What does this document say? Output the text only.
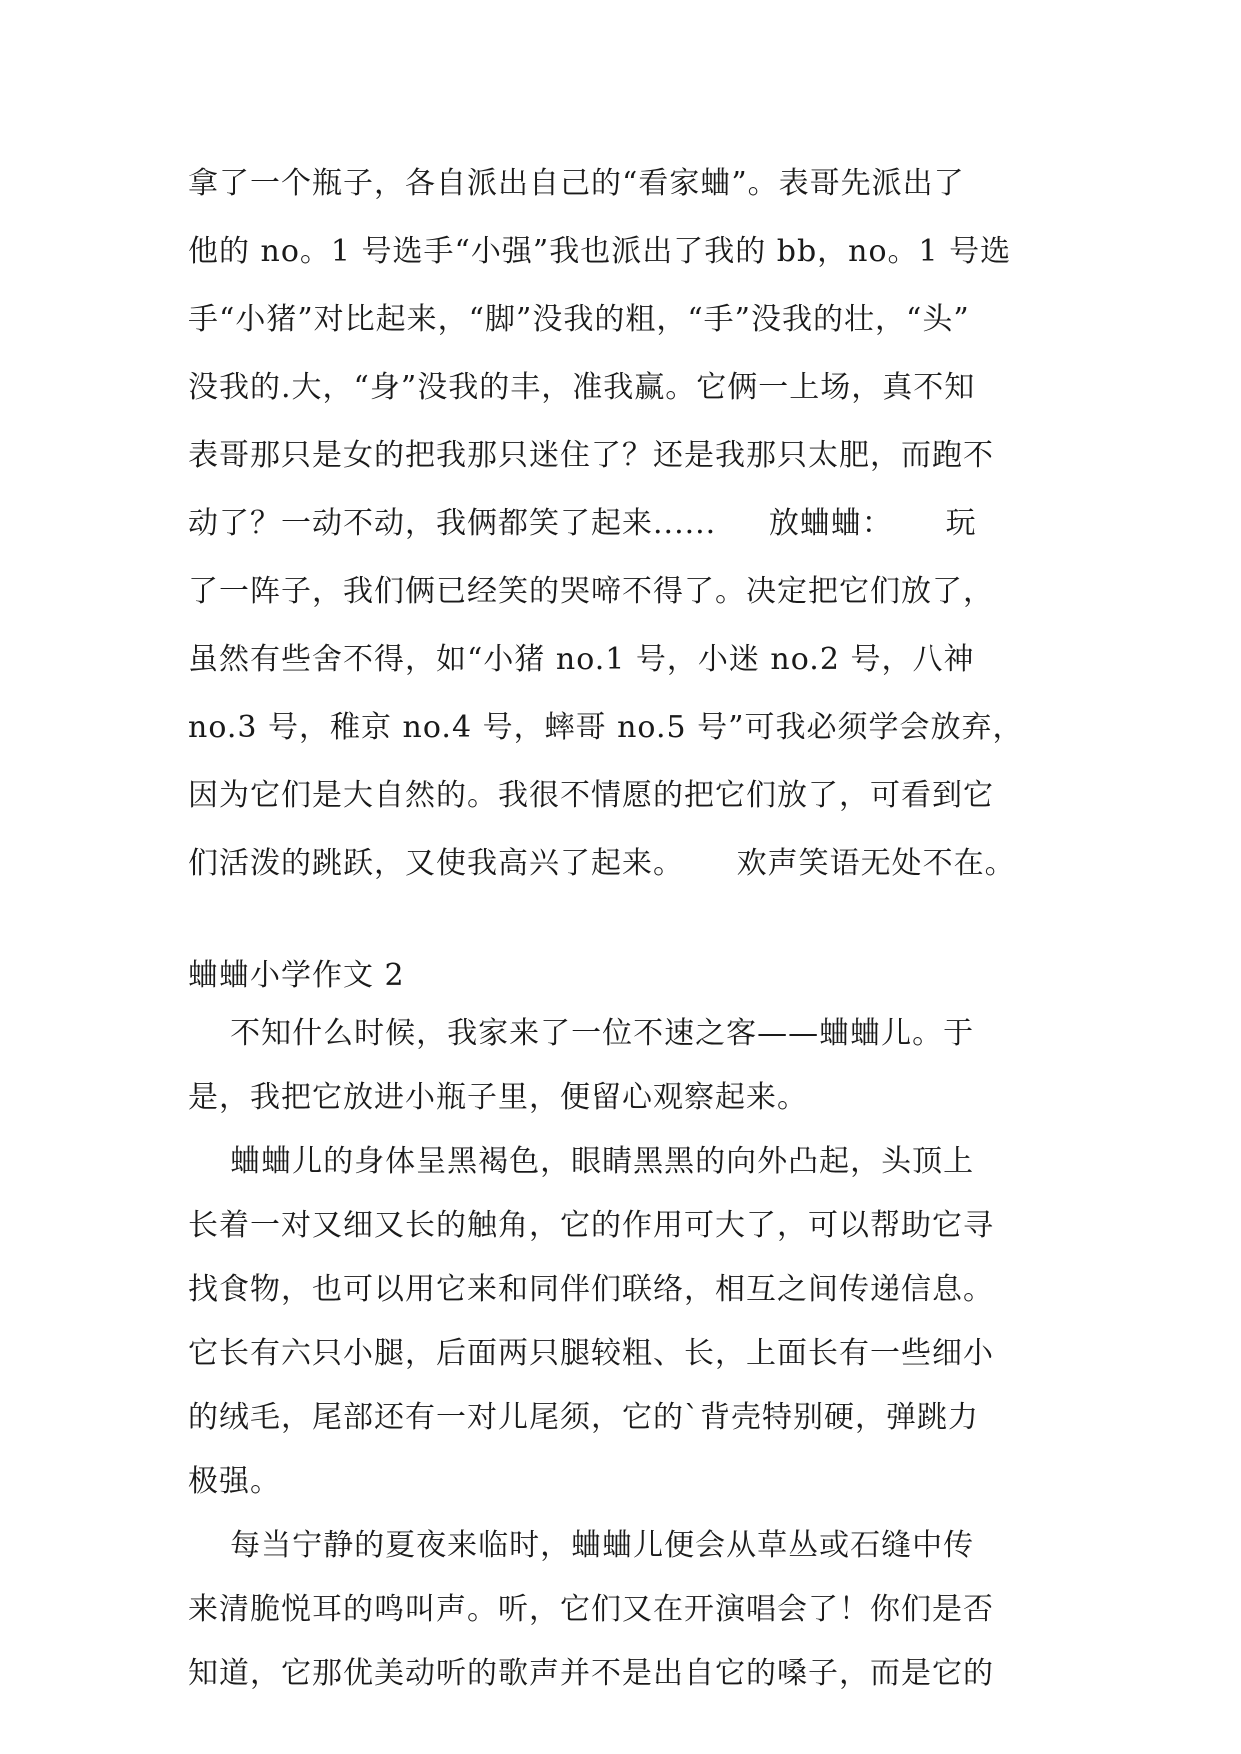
拿了一个瓶子，各自派出自己的“看家蛐”。表哥先派出了
他的 no。1 号选手“小强”我也派出了我的 bb，no。1 号选
手“小猪”对比起来，“脚”没我的粗，“手”没我的壮，“头”
没我的.大，“身”没我的丰，准我赢。它俩一上场，真不知
表哥那只是女的把我那只迷住了？还是我那只太肥，而跑不
动了？一动不动，我俩都笑了起来......     放蛐蛐：     玩
了一阵子，我们俩已经笑的哭啼不得了。决定把它们放了，
虽然有些舍不得，如“小猪 no.1 号，小迷 no.2 号，八神
no.3 号，稚京 no.4 号，蟀哥 no.5 号”可我必须学会放弃，
因为它们是大自然的。我很不情愿的把它们放了，可看到它
们活泼的跳跃，又使我高兴了起来。     欢声笑语无处不在。
蛐蛐小学作文 2
不知什么时候，我家来了一位不速之客——蛐蛐儿。于
是，我把它放进小瓶子里，便留心观察起来。
蛐蛐儿的身体呈黑褐色，眼睛黑黑的向外凸起，头顶上
长着一对又细又长的触角，它的作用可大了，可以帮助它寻
找食物，也可以用它来和同伴们联络，相互之间传递信息。
它长有六只小腿，后面两只腿较粗、长，上面长有一些细小
的绒毛，尾部还有一对儿尾须，它的`背壳特别硬，弹跳力
极强。
每当宁静的夏夜来临时，蛐蛐儿便会从草丛或石缝中传
来清脆悦耳的鸣叫声。听，它们又在开演唱会了！你们是否
知道，它那优美动听的歌声并不是出自它的嗓子，而是它的
